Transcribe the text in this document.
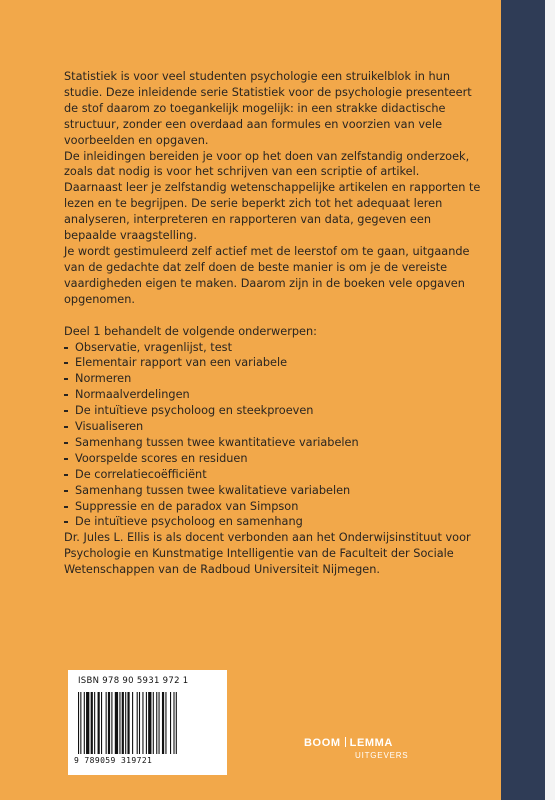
Statistiek is voor veel studenten psychologie een struikelblok in hun studie. Deze inleidende serie Statistiek voor de psychologie presenteert de stof daarom zo toegankelijk mogelijk: in een strakke didactische structuur, zonder een overdaad aan formules en voorzien van vele voorbeelden en opgaven.

De inleidingen bereiden je voor op het doen van zelfstandig onderzoek, zoals dat nodig is voor het schrijven van een scriptie of artikel.

Daarnaast leer je zelfstandig wetenschappelijke artikelen en rapporten te lezen en te begrijpen. De serie beperkt zich tot het adequaat leren analyseren, interpreteren en rapporteren van data, gegeven een bepaalde vraagstelling.

Je wordt gestimuleerd zelf actief met de leerstof om te gaan, uitgaande van de gedachte dat zelf doen de beste manier is om je de vereiste vaardigheden eigen te maken. Daarom zijn in de boeken vele opgaven opgenomen.

Deel 1 behandelt de volgende onderwerpen:

Observatie, vragenlijst, test
Elementair rapport van een variabele
Normeren
Normaalverdelingen
De intuïtieve psycholoog en steekproeven
Visualiseren
Samenhang tussen twee kwantitatieve variabelen
Voorspelde scores en residuen
De correlatiecoëfficiënt
Samenhang tussen twee kwalitatieve variabelen
Suppressie en de paradox van Simpson
De intuïtieve psycholoog en samenhang

Dr. Jules L. Ellis is als docent verbonden aan het Onderwijsinstituut voor Psychologie en Kunstmatige Intelligentie van de Faculteit der Sociale Wetenschappen van de Radboud Universiteit Nijmegen.

ISBN 978 90 5931 972 1
9 789059 319721
BOOM LEMMA
UITGEVERS
